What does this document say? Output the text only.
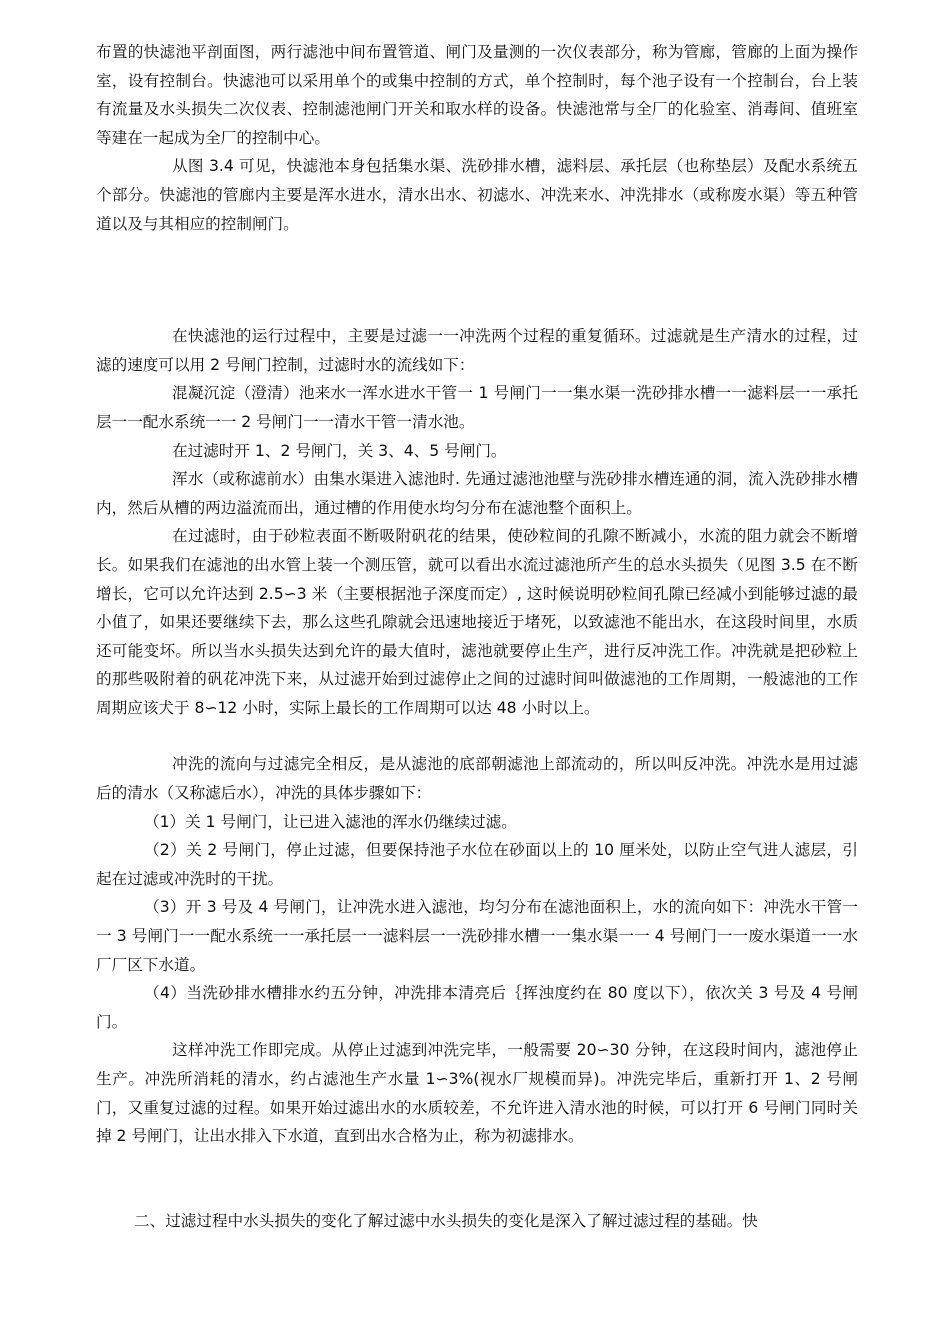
布置的快滤池平剖面图，两行滤池中间布置管道、闸门及量测的一次仪表部分，称为管廊，管廊的上面为操作室，设有控制台。快滤池可以采用单个的或集中控制的方式，单个控制时，每个池子设有一个控制台，台上装有流量及水头损失二次仪表、控制滤池闸门开关和取水样的设备。快滤池常与全厂的化验室、消毒间、值班室等建在一起成为全厂的控制中心。

从图 3.4 可见，快滤池本身包括集水渠、洗砂排水槽，滤料层、承托层（也称垫层）及配水系统五个部分。快滤池的管廊内主要是浑水进水，清水出水、初滤水、冲洗来水、冲洗排水（或称废水渠）等五种管道以及与其相应的控制闸门。

在快滤池的运行过程中，主要是过滤一一冲洗两个过程的重复循环。过滤就是生产清水的过程，过滤的速度可以用 2 号闸门控制，过滤时水的流线如下：

混凝沉淀（澄清）池来水一浑水进水干管一 1 号闸门一一集水渠一洗砂排水槽一一滤料层一一承托层一一配水系统一一 2 号闸门一一清水干管一清水池。

在过滤时开 1、2 号闸门，关 3、4、5 号闸门。

浑水（或称滤前水）由集水渠进入滤池时. 先通过滤池池壁与洗砂排水槽连通的洞，流入洗砂排水槽内，然后从槽的两边溢流而出，通过槽的作用使水均匀分布在滤池整个面积上。

在过滤时，由于砂粒表面不断吸附矾花的结果，使砂粒间的孔隙不断减小，水流的阻力就会不断增长。如果我们在滤池的出水管上装一个测压管，就可以看出水流过滤池所产生的总水头损失（见图 3.5 在不断增长，它可以允许达到 2.5∽3 米（主要根据池子深度而定）, 这时候说明砂粒间孔隙已经减小到能够过滤的最小值了，如果还要继续下去，那么这些孔隙就会迅速地接近于堵死，以致滤池不能出水，在这段时间里，水质还可能变坏。所以当水头损失达到允许的最大值时，滤池就要停止生产，进行反冲洗工作。冲洗就是把砂粒上的那些吸附着的矾花冲洗下来，从过滤开始到过滤停止之间的过滤时间叫做滤池的工作周期，一般滤池的工作周期应该犬于 8∽12 小时，实际上最长的工作周期可以达 48 小时以上。

冲洗的流向与过滤完全相反，是从滤池的底部朝滤池上部流动的，所以叫反冲洗。冲洗水是用过滤后的清水（又称滤后水），冲洗的具体步骤如下：

（1）关 1 号闸门，让已进入滤池的浑水仍继续过滤。

（2）关 2 号闸门，停止过滤，但要保持池子水位在砂面以上的 10 厘米处，以防止空气进人滤层，引起在过滤或冲洗时的干扰。

（3）开 3 号及 4 号闸门，让冲洗水进入滤池，均匀分布在滤池面积上，水的流向如下：冲洗水干管一一 3 号闸门一一配水系统一一承托层一一滤料层一一洗砂排水槽一一集水渠一一 4 号闸门一一废水渠道一一水厂厂区下水道。

（4）当洗砂排水槽排水约五分钟，冲洗排本清亮后｛挥浊度约在 80 度以下），依次关 3 号及 4 号闸门。

这样冲洗工作即完成。从停止过滤到冲洗完毕，一般需要 20∽30 分钟，在这段时间内，滤池停止生产。冲洗所消耗的清水，约占滤池生产水量 1∽3%(视水厂规模而异)。冲洗完毕后，重新打开 1、2 号闸门，又重复过滤的过程。如果开始过滤出水的水质较差，不允许进入清水池的时候，可以打开 6 号闸门同时关掉 2 号闸门，让出水排入下水道，直到出水合格为止，称为初滤排水。

二、过滤过程中水头损失的变化了解过滤中水头损失的变化是深入了解过滤过程的基础。快
